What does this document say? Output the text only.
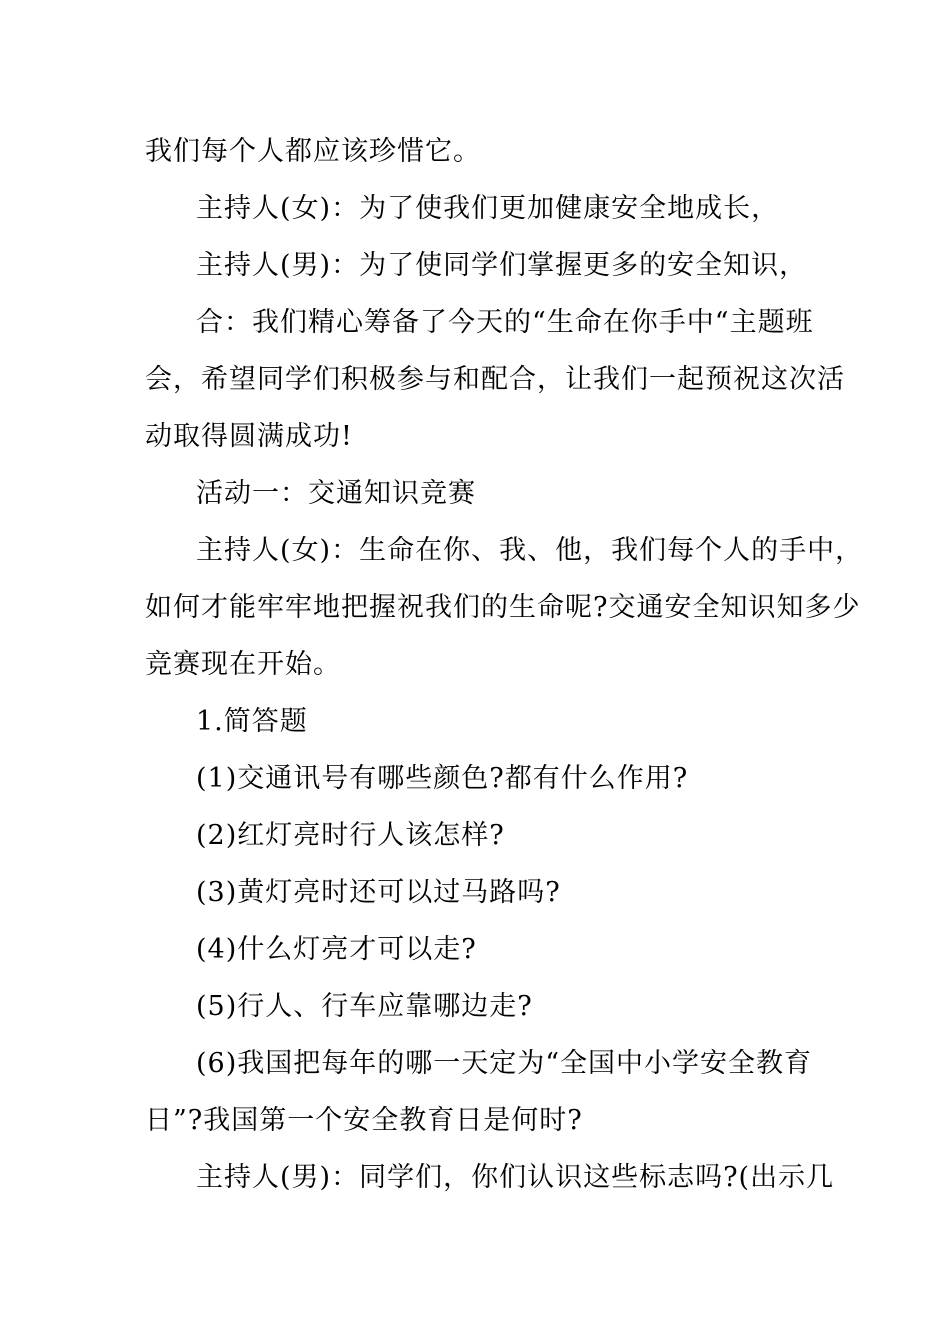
我们每个人都应该珍惜它。
主持人(女)：为了使我们更加健康安全地成长，
主持人(男)：为了使同学们掌握更多的安全知识，
合：我们精心筹备了今天的“生命在你手中“主题班
会，希望同学们积极参与和配合，让我们一起预祝这次活
动取得圆满成功!
活动一：交通知识竞赛
主持人(女)：生命在你、我、他，我们每个人的手中，
如何才能牢牢地把握祝我们的生命呢?交通安全知识知多少
竞赛现在开始。
1.简答题
(1)交通讯号有哪些颜色?都有什么作用?
(2)红灯亮时行人该怎样?
(3)黄灯亮时还可以过马路吗?
(4)什么灯亮才可以走?
(5)行人、行车应靠哪边走?
(6)我国把每年的哪一天定为“全国中小学安全教育
日”?我国第一个安全教育日是何时?
主持人(男)：同学们，你们认识这些标志吗?(出示几
